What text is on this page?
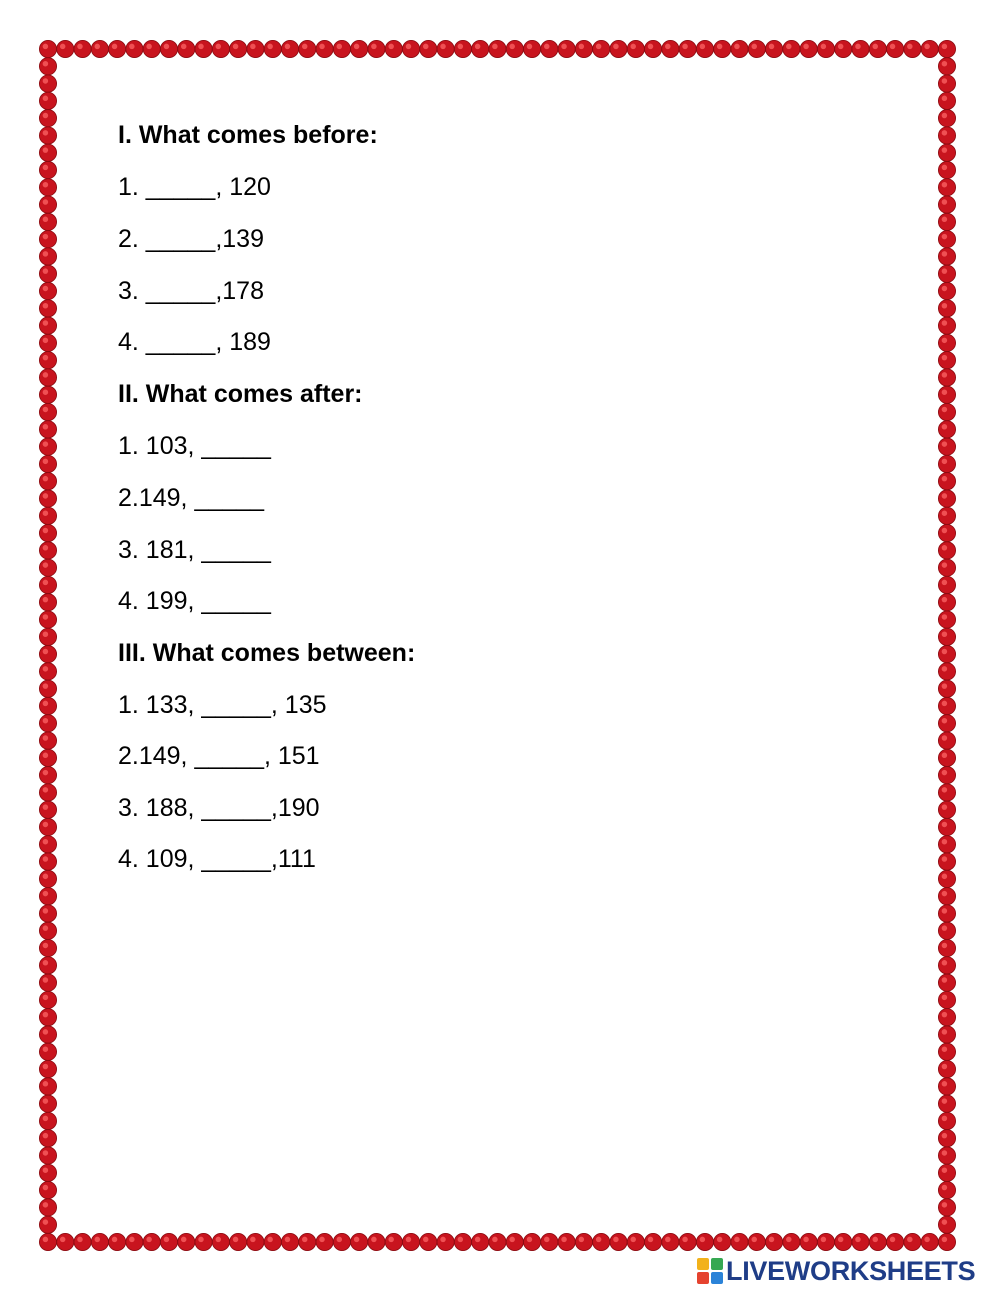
I. What comes before:
1. _____, 120
2. _____,139
3. _____,178
4. _____, 189
II. What comes after:
1. 103, _____
2.149, _____
3. 181, _____
4. 199, _____
III. What comes between:
1. 133, _____, 135
2.149, _____, 151
3. 188, _____,190
4. 109, _____,111
LIVEWORKSHEETS
